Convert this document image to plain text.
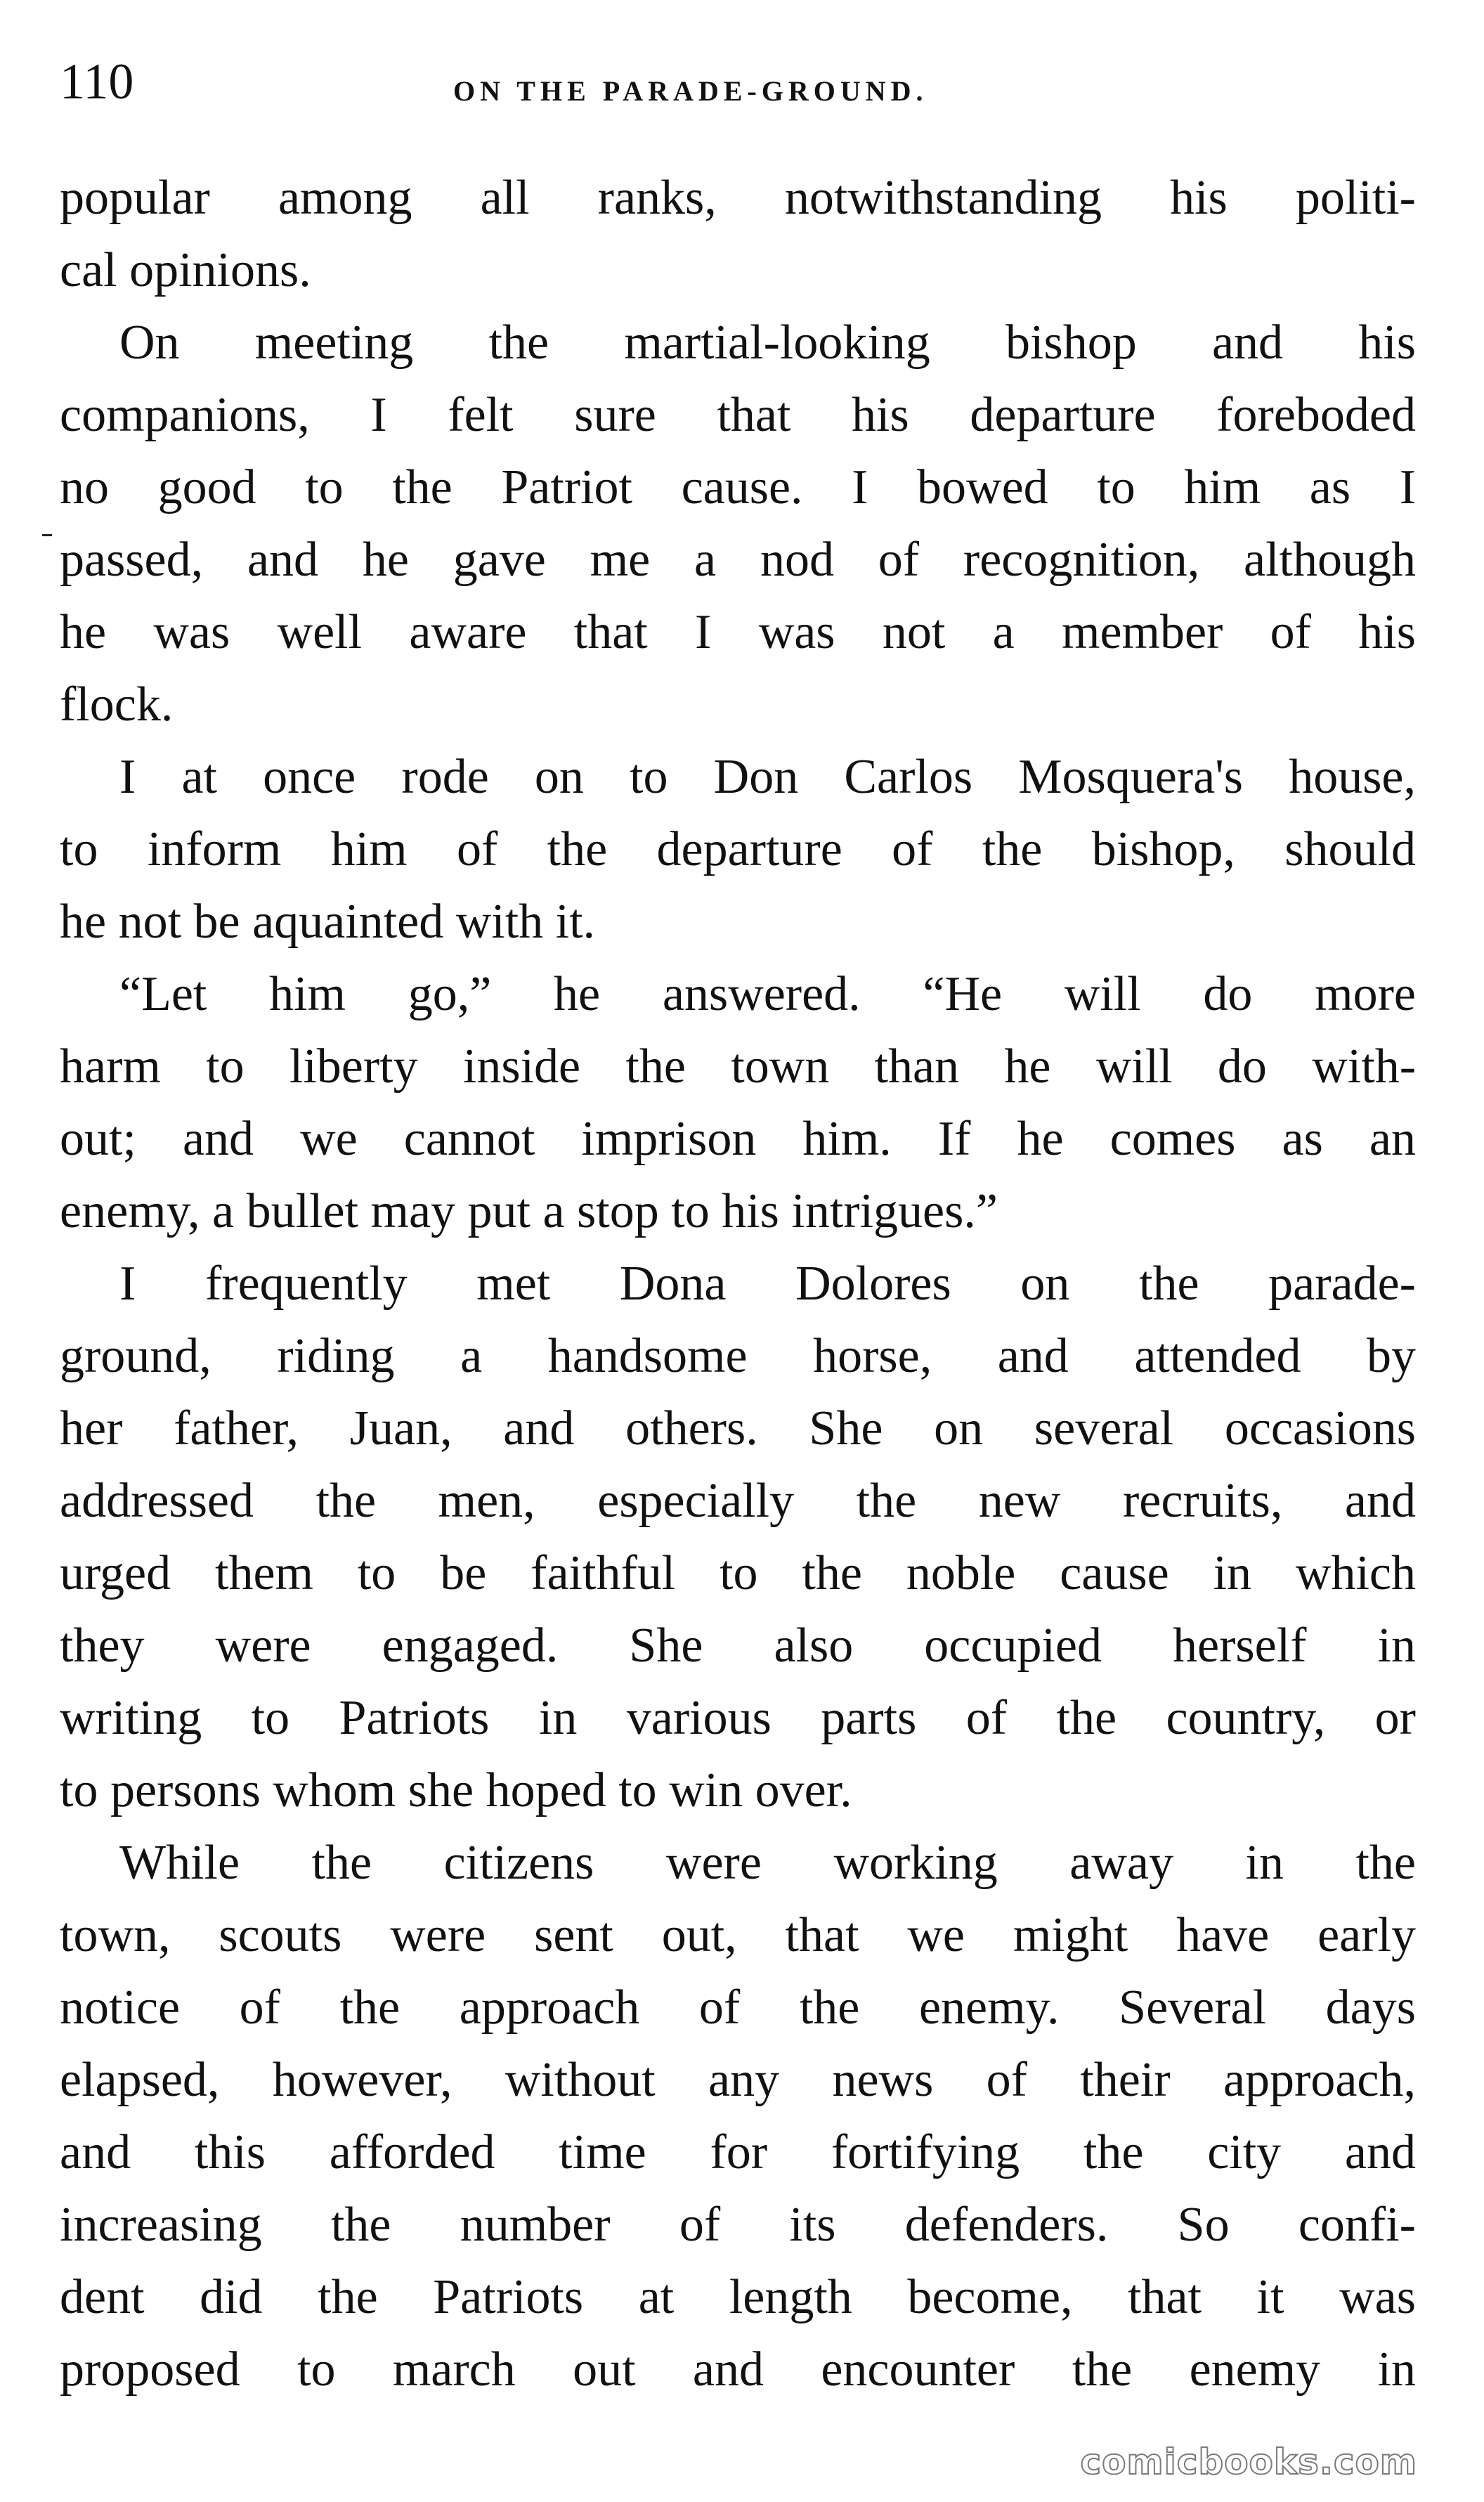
110	ON THE PARADE-GROUND.
popular among all ranks, notwithstanding his politi-
cal opinions.
On meeting the martial-looking bishop and his
companions, I felt sure that his departure foreboded
no good to the Patriot cause. I bowed to him as I
passed, and he gave me a nod of recognition, although
he was well aware that I was not a member of his
flock.
I at once rode on to Don Carlos Mosquera's house,
to inform him of the departure of the bishop, should
he not be aquainted with it.
“Let him go,” he answered. “He will do more
harm to liberty inside the town than he will do with-
out; and we cannot imprison him. If he comes as an
enemy, a bullet may put a stop to his intrigues.”
I frequently met Dona Dolores on the parade-
ground, riding a handsome horse, and attended by
her father, Juan, and others. She on several occasions
addressed the men, especially the new recruits, and
urged them to be faithful to the noble cause in which
they were engaged. She also occupied herself in
writing to Patriots in various parts of the country, or
to persons whom she hoped to win over.
While the citizens were working away in the
town, scouts were sent out, that we might have early
notice of the approach of the enemy. Several days
elapsed, however, without any news of their approach,
and this afforded time for fortifying the city and
increasing the number of its defenders. So confi-
dent did the Patriots at length become, that it was
proposed to march out and encounter the enemy in
comicbooks.com
